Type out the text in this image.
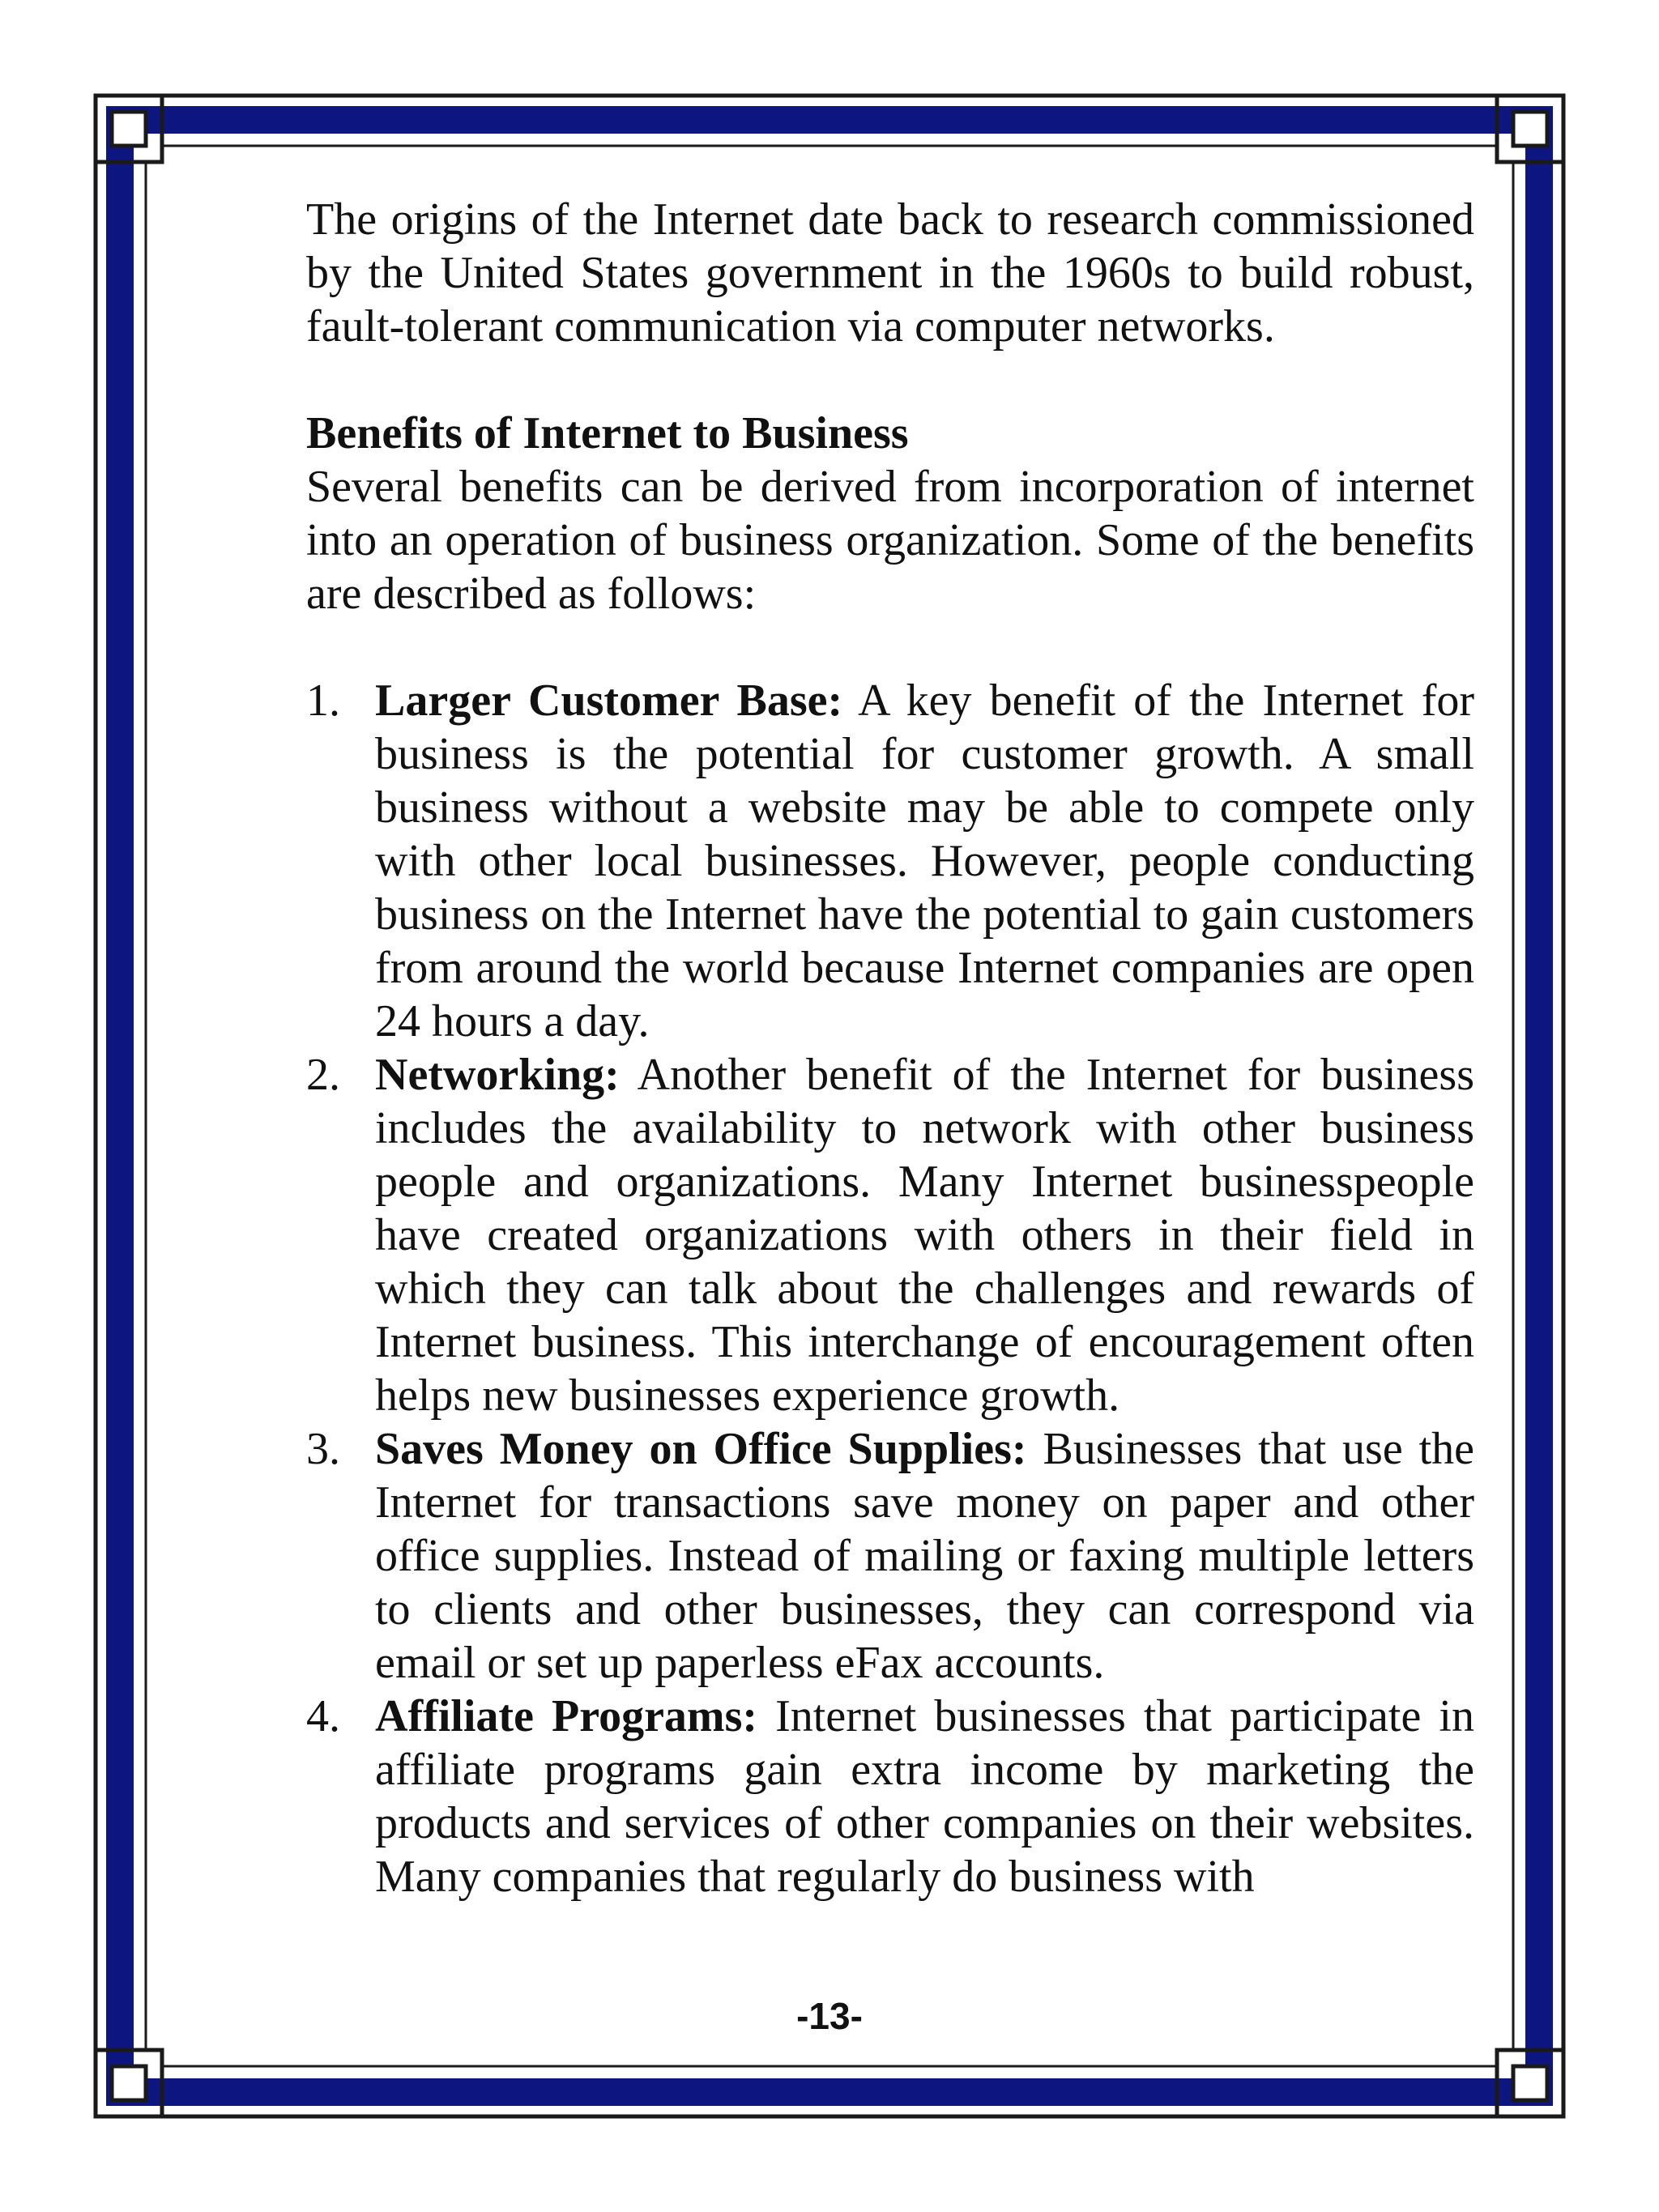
The origins of the Internet date back to research commissioned by the United States government in the 1960s to build robust, fault-tolerant communication via computer networks.

Benefits of Internet to Business

Several benefits can be derived from incorporation of internet into an operation of business organization. Some of the benefits are described as follows:

1. Larger Customer Base: A key benefit of the Internet for business is the potential for customer growth. A small business without a website may be able to compete only with other local businesses. However, people conducting business on the Internet have the potential to gain customers from around the world because Internet companies are open 24 hours a day.
2. Networking: Another benefit of the Internet for business includes the availability to network with other business people and organizations. Many Internet businesspeople have created organizations with others in their field in which they can talk about the challenges and rewards of Internet business. This interchange of encouragement often helps new businesses experience growth.
3. Saves Money on Office Supplies: Businesses that use the Internet for transactions save money on paper and other office supplies. Instead of mailing or faxing multiple letters to clients and other businesses, they can correspond via email or set up paperless eFax accounts.
4. Affiliate Programs: Internet businesses that participate in affiliate programs gain extra income by marketing the products and services of other companies on their websites. Many companies that regularly do business with
-13-
